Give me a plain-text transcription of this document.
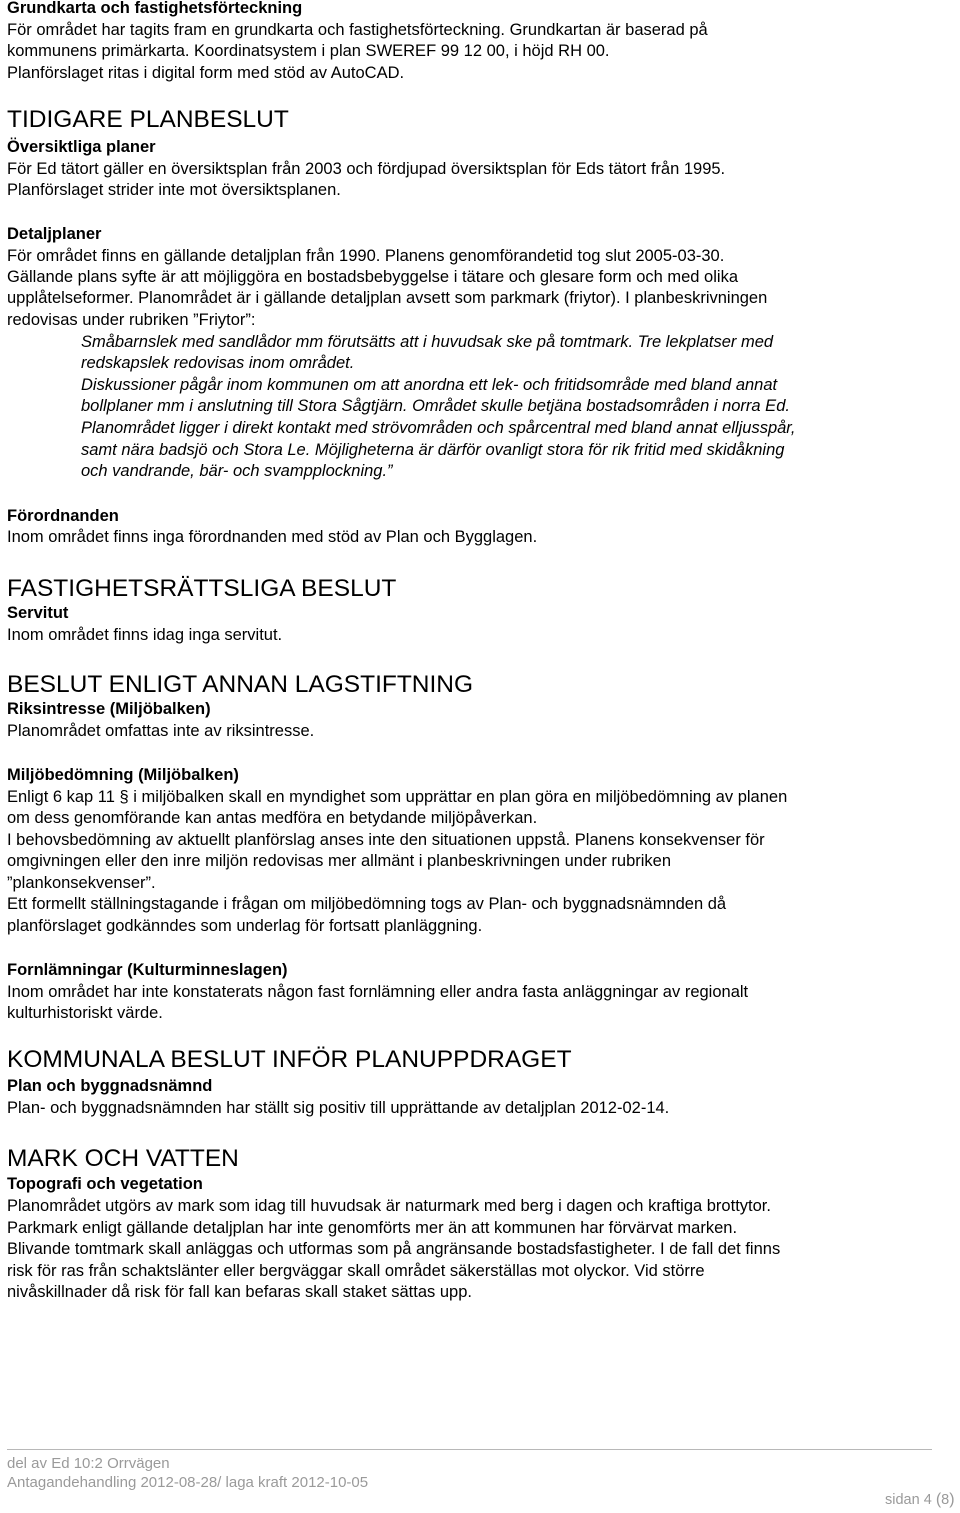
Grundkarta och fastighetsförteckning
För området har tagits fram en grundkarta och fastighetsförteckning. Grundkartan är baserad på
kommunens primärkarta. Koordinatsystem i plan SWEREF 99 12 00, i höjd RH 00.
Planförslaget ritas i digital form med stöd av AutoCAD.
TIDIGARE PLANBESLUT
Översiktliga planer
För Ed tätort gäller en översiktsplan från 2003 och fördjupad översiktsplan för Eds tätort från 1995.
Planförslaget strider inte mot översiktsplanen.
Detaljplaner
För området finns en gällande detaljplan från 1990. Planens genomförandetid tog slut 2005-03-30.
Gällande plans syfte är att möjliggöra en bostadsbebyggelse i tätare och glesare form och med olika
upplåtelseformer. Planområdet är i gällande detaljplan avsett som parkmark (friytor). I planbeskrivningen
redovisas under rubriken ”Friytor”:
Småbarnslek med sandlådor mm förutsätts att i huvudsak ske på tomtmark. Tre lekplatser med
redskapslek redovisas inom området.
Diskussioner pågår inom kommunen om att anordna ett lek- och fritidsområde med bland annat
bollplaner mm i anslutning till Stora Sågtjärn. Området skulle betjäna bostadsområden i norra Ed.
Planområdet ligger i direkt kontakt med strövområden och spårcentral med bland annat elljusspår,
samt nära badsjö och Stora Le. Möjligheterna är därför ovanligt stora för rik fritid med skidåkning
och vandrande, bär- och svampplockning.”
Förordnanden
Inom området finns inga förordnanden med stöd av Plan och Bygglagen.
FASTIGHETSRÄTTSLIGA BESLUT
Servitut
Inom området finns idag inga servitut.
BESLUT ENLIGT ANNAN LAGSTIFTNING
Riksintresse (Miljöbalken)
Planområdet omfattas inte av riksintresse.
Miljöbedömning (Miljöbalken)
Enligt 6 kap 11 § i miljöbalken skall en myndighet som upprättar en plan göra en miljöbedömning av planen
om dess genomförande kan antas medföra en betydande miljöpåverkan.
I behovsbedömning av aktuellt planförslag anses inte den situationen uppstå. Planens konsekvenser för
omgivningen eller den inre miljön redovisas mer allmänt i planbeskrivningen under rubriken
”plankonsekvenser”.
Ett formellt ställningstagande i frågan om miljöbedömning togs av Plan- och byggnadsnämnden då
planförslaget godkänndes som underlag för fortsatt planläggning.
Fornlämningar (Kulturminneslagen)
Inom området har inte konstaterats någon fast fornlämning eller andra fasta anläggningar av regionalt
kulturhistoriskt värde.
KOMMUNALA BESLUT INFÖR PLANUPPDRAGET
Plan och byggnadsnämnd
Plan- och byggnadsnämnden har ställt sig positiv till upprättande av detaljplan 2012-02-14.
MARK OCH VATTEN
Topografi och vegetation
Planområdet utgörs av mark som idag till huvudsak är naturmark med berg i dagen och kraftiga brottytor.
Parkmark enligt gällande detaljplan har inte genomförts mer än att kommunen har förvärvat marken.
Blivande tomtmark skall anläggas och utformas som på angränsande bostadsfastigheter. I de fall det finns
risk för ras från schaktslänter eller bergväggar skall området säkerställas mot olyckor. Vid större
nivåskillnader då risk för fall kan befaras skall staket sättas upp.
del av Ed 10:2 Orrvägen
Antagandehandling 2012-08-28/ laga kraft 2012-10-05
sidan 4 (8)
